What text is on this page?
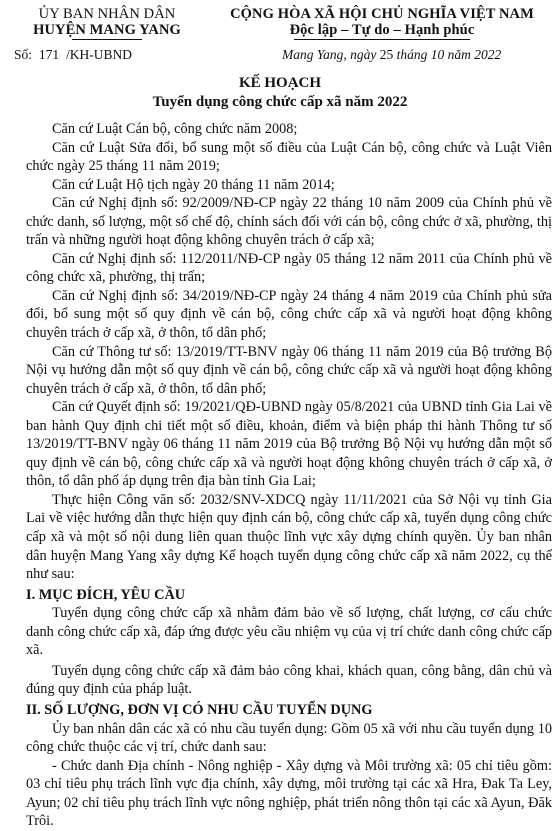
ỦY BAN NHÂN DÂN
HUYỆN MANG YANG
CỘNG HÒA XÃ HỘI CHỦ NGHĨA VIỆT NAM
Độc lập – Tự do – Hạnh phúc
Số: 171 /KH-UBND	Mang Yang, ngày 25 tháng 10 năm 2022
KẾ HOẠCH
Tuyển dụng công chức cấp xã năm 2022

Căn cứ Luật Cán bộ, công chức năm 2008;

Căn cứ Luật Sửa đổi, bổ sung một số điều của Luật Cán bộ, công chức và Luật Viên chức ngày 25 tháng 11 năm 2019;

Căn cứ Luật Hộ tịch ngày 20 tháng 11 năm 2014;

Căn cứ Nghị định số: 92/2009/NĐ-CP ngày 22 tháng 10 năm 2009 của Chính phủ về chức danh, số lượng, một số chế độ, chính sách đối với cán bộ, công chức ở xã, phường, thị trấn và những người hoạt động không chuyên trách ở cấp xã;

Căn cứ Nghị định số: 112/2011/NĐ-CP ngày 05 tháng 12 năm 2011 của Chính phủ về công chức xã, phường, thị trấn;

Căn cứ Nghị định số: 34/2019/NĐ-CP ngày 24 tháng 4 năm 2019 của Chính phủ sửa đổi, bổ sung một số quy định về cán bộ, công chức cấp xã và người hoạt động không chuyên trách ở cấp xã, ở thôn, tổ dân phố;

Căn cứ Thông tư số: 13/2019/TT-BNV ngày 06 tháng 11 năm 2019 của Bộ trưởng Bộ Nội vụ hướng dẫn một số quy định về cán bộ, công chức cấp xã và người hoạt động không chuyên trách ở cấp xã, ở thôn, tổ dân phố;

Căn cứ Quyết định số: 19/2021/QĐ-UBND ngày 05/8/2021 của UBND tỉnh Gia Lai về ban hành Quy định chi tiết một số điều, khoản, điểm và biện pháp thi hành Thông tư số 13/2019/TT-BNV ngày 06 tháng 11 năm 2019 của Bộ trưởng Bộ Nội vụ hướng dẫn một số quy định về cán bộ, công chức cấp xã và người hoạt động không chuyên trách ở cấp xã, ở thôn, tổ dân phố áp dụng trên địa bàn tỉnh Gia Lai;

Thực hiện Công văn số: 2032/SNV-XDCQ ngày 11/11/2021 của Sở Nội vụ tỉnh Gia Lai về việc hướng dẫn thực hiện quy định cán bộ, công chức cấp xã, tuyển dụng công chức cấp xã và một số nội dung liên quan thuộc lĩnh vực xây dựng chính quyền. Ủy ban nhân dân huyện Mang Yang xây dựng Kế hoạch tuyển dụng công chức cấp xã năm 2022, cụ thể như sau:

I. MỤC ĐÍCH, YÊU CẦU

Tuyển dụng công chức cấp xã nhằm đảm bảo về số lượng, chất lượng, cơ cấu chức danh công chức cấp xã, đáp ứng được yêu cầu nhiệm vụ của vị trí chức danh công chức cấp xã.

Tuyển dụng công chức cấp xã đảm bảo công khai, khách quan, công bằng, dân chủ và đúng quy định của pháp luật.

II. SỐ LƯỢNG, ĐƠN VỊ CÓ NHU CẦU TUYỂN DỤNG

Ủy ban nhân dân các xã có nhu cầu tuyển dụng: Gồm 05 xã với nhu cầu tuyển dụng 10 công chức thuộc các vị trí, chức danh sau:

- Chức danh Địa chính - Nông nghiệp - Xây dựng và Môi trường xã: 05 chỉ tiêu gồm: 03 chỉ tiêu phụ trách lĩnh vực địa chính, xây dựng, môi trường tại các xã Hra, Đak Ta Ley, Ayun; 02 chỉ tiêu phụ trách lĩnh vực nông nghiệp, phát triển nông thôn tại các xã Ayun, Đăk Trôi.
